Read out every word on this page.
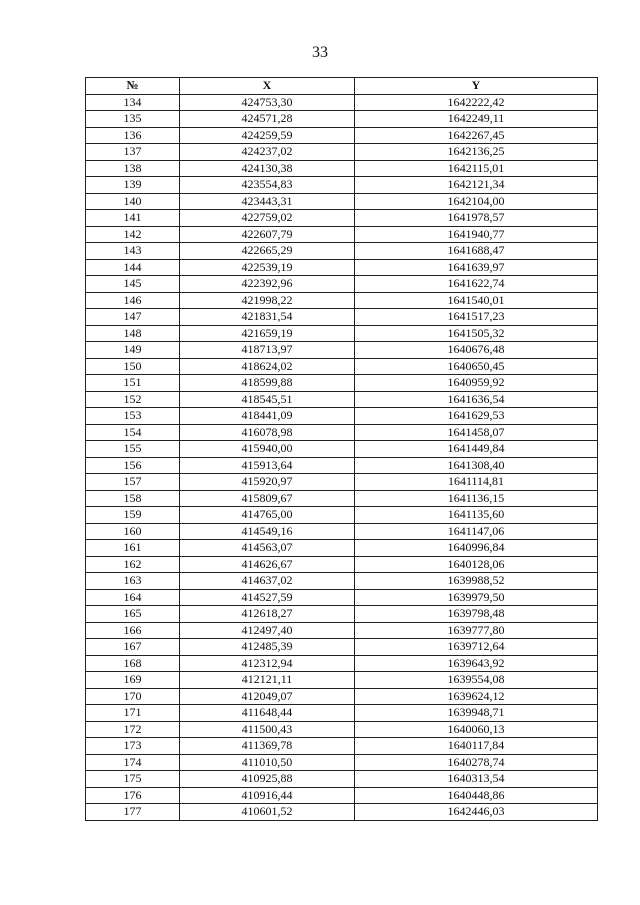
33
№	X	Y
134	424753,30	1642222,42
135	424571,28	1642249,11
136	424259,59	1642267,45
137	424237,02	1642136,25
138	424130,38	1642115,01
139	423554,83	1642121,34
140	423443,31	1642104,00
141	422759,02	1641978,57
142	422607,79	1641940,77
143	422665,29	1641688,47
144	422539,19	1641639,97
145	422392,96	1641622,74
146	421998,22	1641540,01
147	421831,54	1641517,23
148	421659,19	1641505,32
149	418713,97	1640676,48
150	418624,02	1640650,45
151	418599,88	1640959,92
152	418545,51	1641636,54
153	418441,09	1641629,53
154	416078,98	1641458,07
155	415940,00	1641449,84
156	415913,64	1641308,40
157	415920,97	1641114,81
158	415809,67	1641136,15
159	414765,00	1641135,60
160	414549,16	1641147,06
161	414563,07	1640996,84
162	414626,67	1640128,06
163	414637,02	1639988,52
164	414527,59	1639979,50
165	412618,27	1639798,48
166	412497,40	1639777,80
167	412485,39	1639712,64
168	412312,94	1639643,92
169	412121,11	1639554,08
170	412049,07	1639624,12
171	411648,44	1639948,71
172	411500,43	1640060,13
173	411369,78	1640117,84
174	411010,50	1640278,74
175	410925,88	1640313,54
176	410916,44	1640448,86
177	410601,52	1642446,03
